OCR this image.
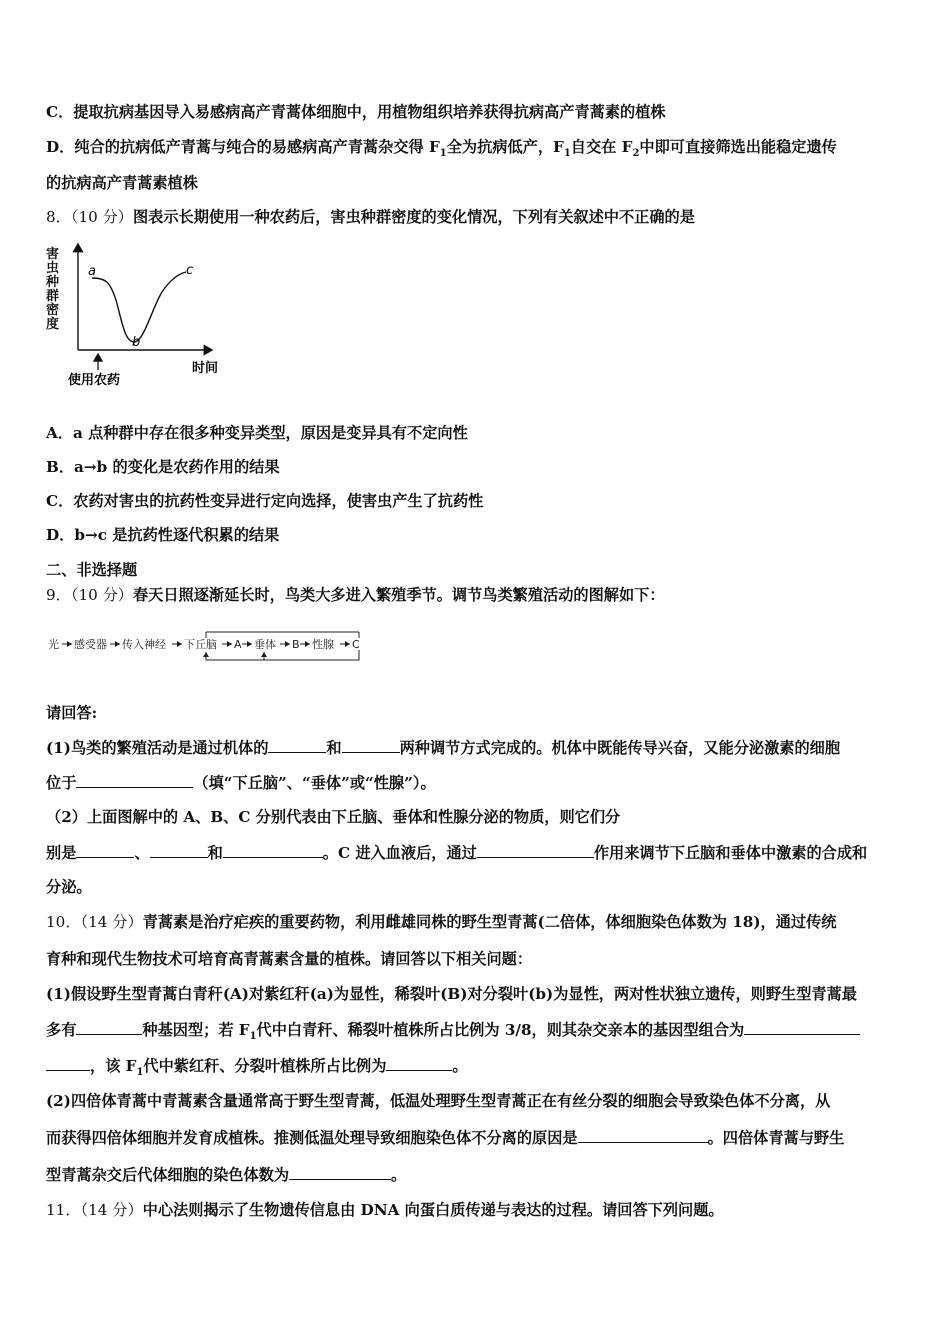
C．提取抗病基因导入易感病高产青蒿体细胞中，用植物组织培养获得抗病高产青蒿素的植株
D．纯合的抗病低产青蒿与纯合的易感病高产青蒿杂交得 $F_1$全为抗病低产，$F_1$自交在 $F_2$中即可直接筛选出能稳定遗传
的抗病高产青蒿素植株
8．（10 分）图表示长期使用一种农药后，害虫种群密度的变化情况，下列有关叙述中不正确的是
害
虫
种
群
密
度
a
b
c
使用农药
时间
A．a 点种群中存在很多种变异类型，原因是变异具有不定向性
B．a→b 的变化是农药作用的结果
C．农药对害虫的抗药性变异进行定向选择，使害虫产生了抗药性
D．b→c 是抗药性逐代积累的结果
二、非选择题
9．（10 分）春天日照逐渐延长时，鸟类大多进入繁殖季节。调节鸟类繁殖活动的图解如下：
光 感受器 传入神经 下丘脑 A 垂体 B 性腺 C
请回答:
(1)鸟类的繁殖活动是通过机体的	和	两种调节方式完成的。机体中既能传导兴奋，又能分泌激素的细胞
位于	（填“下丘脑”、“垂体”或“性腺”）。
（2）上面图解中的 A、B、C 分别代表由下丘脑、垂体和性腺分泌的物质，则它们分
别是	、	和	。C 进入血液后，通过	作用来调节下丘脑和垂体中激素的合成和
分泌。
10．（14 分）青蒿素是治疗疟疾的重要药物，利用雌雄同株的野生型青蒿(二倍体，体细胞染色体数为 18)，通过传统
育种和现代生物技术可培育高青蒿素含量的植株。请回答以下相关问题：
(1)假设野生型青蒿白青秆(A)对紫红秆(a)为显性，稀裂叶(B)对分裂叶(b)为显性，两对性状独立遗传，则野生型青蒿最
多有	种基因型；若 $F_1$代中白青秆、稀裂叶植株所占比例为 3/8，则其杂交亲本的基因型组合为
，该 $F_1$代中紫红秆、分裂叶植株所占比例为	。
(2)四倍体青蒿中青蒿素含量通常高于野生型青蒿，低温处理野生型青蒿正在有丝分裂的细胞会导致染色体不分离，从
而获得四倍体细胞并发育成植株。推测低温处理导致细胞染色体不分离的原因是	。四倍体青蒿与野生
型青蒿杂交后代体细胞的染色体数为	。
11．（14 分）中心法则揭示了生物遗传信息由 DNA 向蛋白质传递与表达的过程。请回答下列问题。
